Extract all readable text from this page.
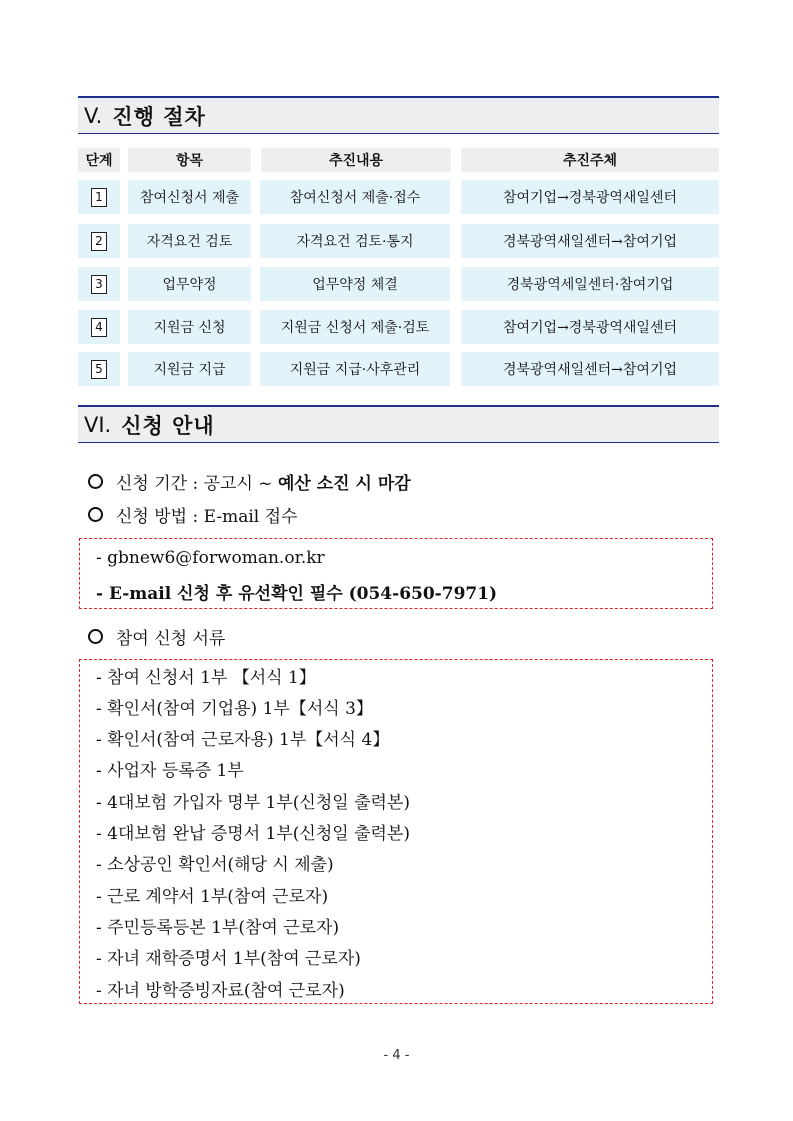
V. 진행 절차
단계	항목	추진내용	추진주체
1	참여신청서 제출	참여신청서 제출·접수	참여기업→경북광역새일센터
2	자격요건 검토	자격요건 검토·통지	경북광역새일센터→참여기업
3	업무약정	업무약정 체결	경북광역세일센터·참여기업
4	지원금 신청	지원금 신청서 제출·검토	참여기업→경북광역새일센터
5	지원금 지급	지원금 지급·사후관리	경북광역새일센터→참여기업
VI. 신청 안내
신청 기간 : 공고시 ~ 예산 소진 시 마감
신청 방법 : E-mail 접수
- gbnew6@forwoman.or.kr
- E-mail 신청 후 유선확인 필수 (054-650-7971)
참여 신청 서류
- 참여 신청서 1부 【서식 1】
- 확인서(참여 기업용) 1부【서식 3】
- 확인서(참여 근로자용) 1부【서식 4】
- 사업자 등록증 1부
- 4대보험 가입자 명부 1부(신청일 출력본)
- 4대보험 완납 증명서 1부(신청일 출력본)
- 소상공인 확인서(해당 시 제출)
- 근로 계약서 1부(참여 근로자)
- 주민등록등본 1부(참여 근로자)
- 자녀 재학증명서 1부(참여 근로자)
- 자녀 방학증빙자료(참여 근로자)
- 4 -
